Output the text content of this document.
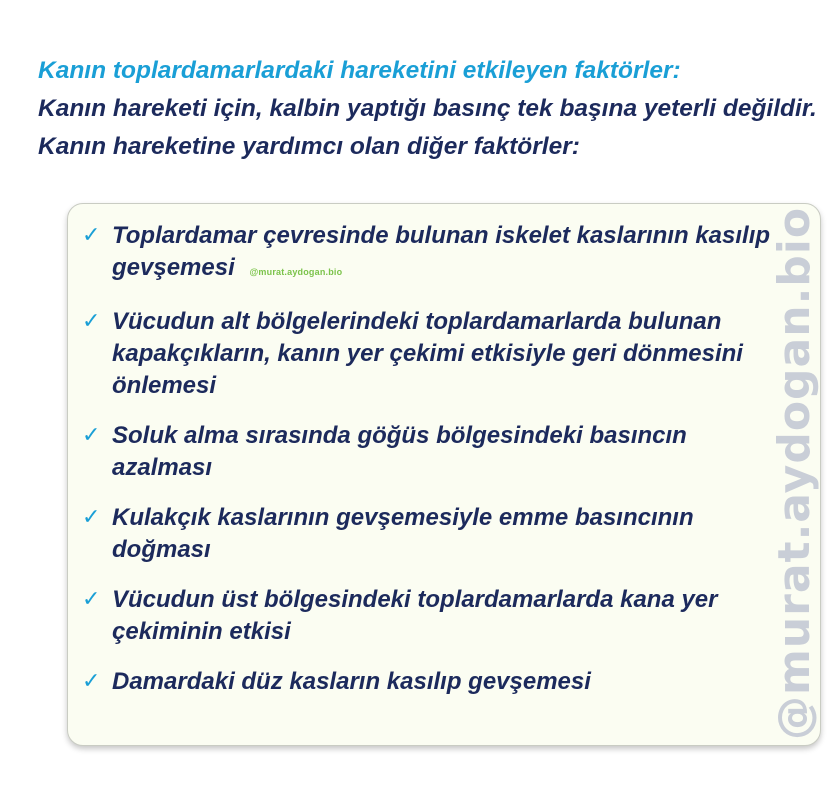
Kanın toplardamarlardaki hareketini etkileyen faktörler:
Kanın hareketi için, kalbin yaptığı basınç tek başına yeterli değildir. Kanın hareketine yardımcı olan diğer faktörler:
✓ Toplardamar çevresinde bulunan iskelet kaslarının kasılıp gevşemesi @murat.aydogan.bio
✓ Vücudun alt bölgelerindeki toplardamarlarda bulunan kapakçıkların, kanın yer çekimi etkisiyle geri dönmesini önlemesi
✓ Soluk alma sırasında göğüs bölgesindeki basıncın azalması
✓ Kulakçık kaslarının gevşemesiyle emme basıncının doğması
✓ Vücudun üst bölgesindeki toplardamarlarda kana yer çekiminin etkisi
✓ Damardaki düz kasların kasılıp gevşemesi	@murat.aydogan.bio
